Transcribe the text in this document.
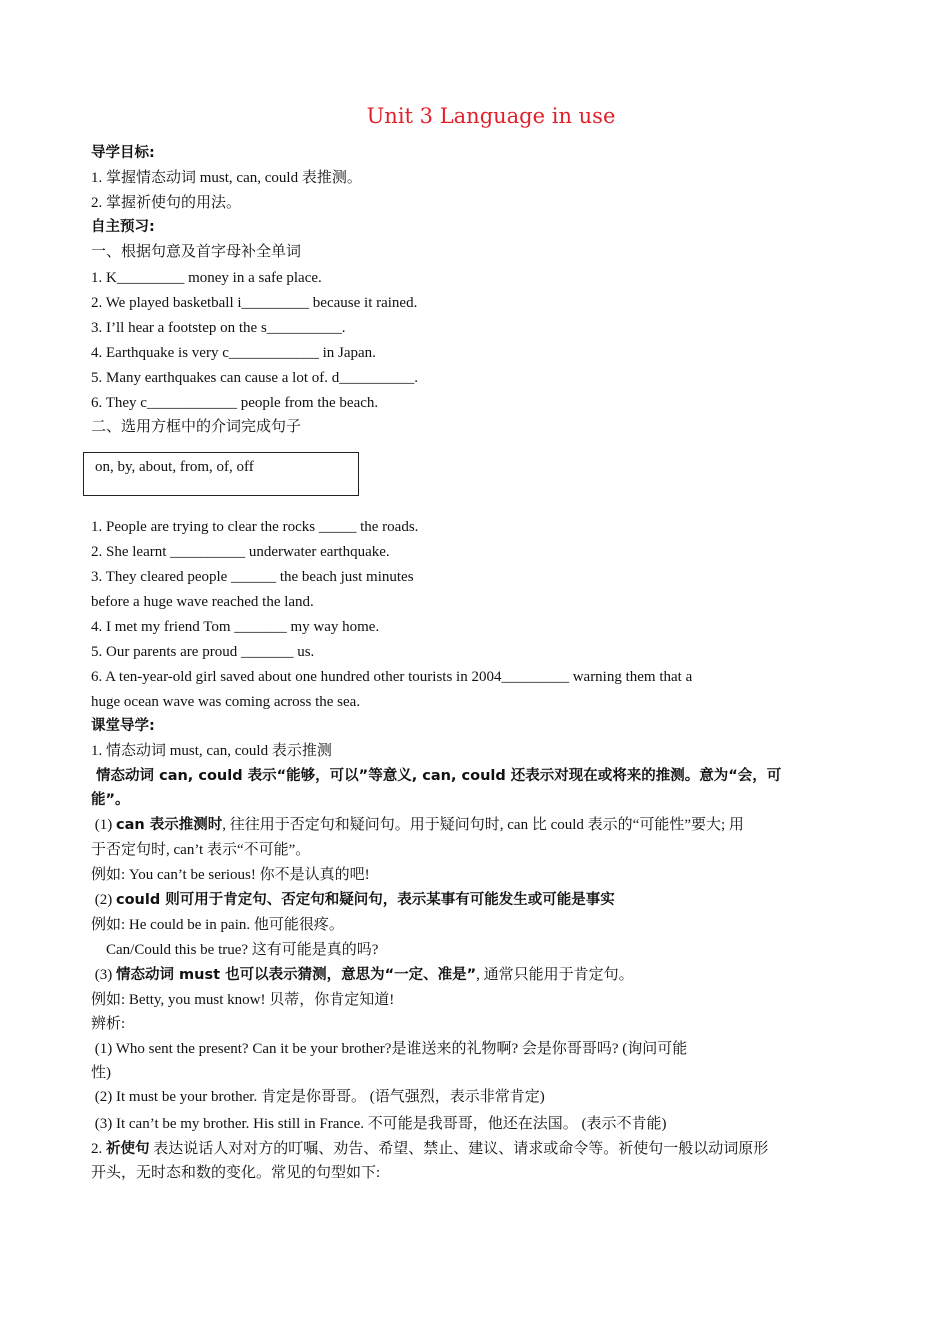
Unit 3 Language in use
on, by, about, from, of, off
导学目标:
1. 掌握情态动词 must, can, could 表推测。
2. 掌握祈使句的用法。
自主预习:
一、根据句意及首字母补全单词
1. K_________ money in a safe place.
2. We played basketball i_________ because it rained.
3. I’ll hear a footstep on the s__________.
4. Earthquake is very c____________ in Japan.
5. Many earthquakes can cause a lot of. d__________.
6. They c____________ people from the beach.
二、选用方框中的介词完成句子
1. People are trying to clear the rocks _____ the roads.
2. She learnt __________ underwater earthquake.
3. They cleared people ______ the beach just minutes
before a huge wave reached the land.
4. I met my friend Tom _______ my way home.
5. Our parents are proud _______ us.
6. A ten-year-old girl saved about one hundred other tourists in 2004_________ warning them that a
huge ocean wave was coming across the sea.
课堂导学:
1. 情态动词 must, can, could 表示推测
情态动词 can, could 表示“能够，可以”等意义, can, could 还表示对现在或将来的推测。意为“会，可
能”。
(1) can 表示推测时, 往往用于否定句和疑问句。用于疑问句时, can 比 could 表示的“可能性”要大; 用
于否定句时, can’t 表示“不可能”。
例如: You can’t be serious! 你不是认真的吧!
(2) could 则可用于肯定句、否定句和疑问句，表示某事有可能发生或可能是事实
例如: He could be in pain. 他可能很疼。
Can/Could this be true? 这有可能是真的吗?
(3) 情态动词 must 也可以表示猜测，意思为“一定、准是”, 通常只能用于肯定句。
例如: Betty, you must know! 贝蒂，你肯定知道!
辨析:
(1) Who sent the present? Can it be your brother?是谁送来的礼物啊? 会是你哥哥吗? (询问可能
性)
(2) It must be your brother. 肯定是你哥哥。 (语气强烈，表示非常肯定)
(3) It can’t be my brother. His still in France. 不可能是我哥哥，他还在法国。 (表示不肯能)
2. 祈使句 表达说话人对对方的叮嘱、劝告、希望、禁止、建议、请求或命令等。祈使句一般以动词原形
开头，无时态和数的变化。常见的句型如下:
